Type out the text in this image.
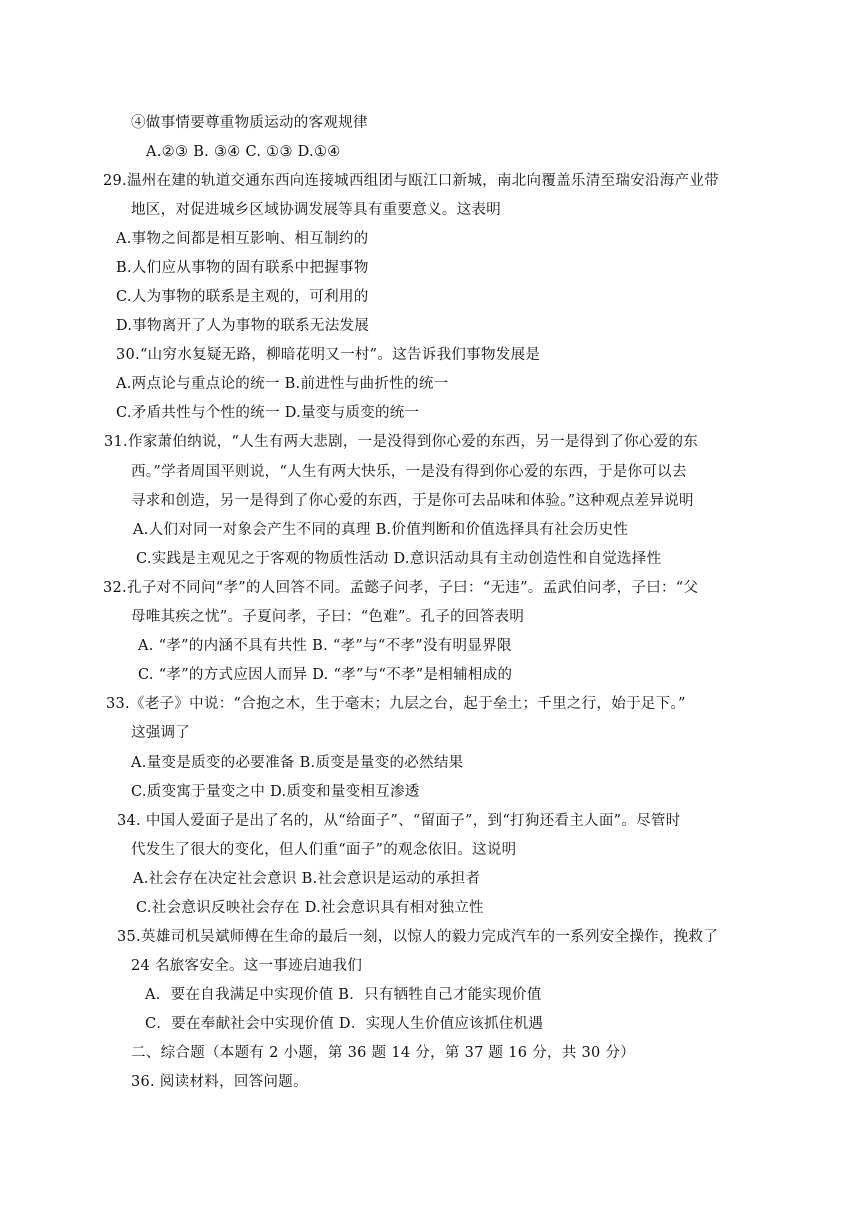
④做事情要尊重物质运动的客观规律
A.②③ B. ③④ C. ①③ D.①④
29.温州在建的轨道交通东西向连接城西组团与瓯江口新城，南北向覆盖乐清至瑞安沿海产业带
地区，对促进城乡区域协调发展等具有重要意义。这表明
A.事物之间都是相互影响、相互制约的
B.人们应从事物的固有联系中把握事物
C.人为事物的联系是主观的，可利用的
D.事物离开了人为事物的联系无法发展
30.“山穷水复疑无路，柳暗花明又一村”。这告诉我们事物发展是
A.两点论与重点论的统一 B.前进性与曲折性的统一
C.矛盾共性与个性的统一 D.量变与质变的统一
31.作家萧伯纳说，“人生有两大悲剧，一是没得到你心爱的东西，另一是得到了你心爱的东
西。”学者周国平则说，“人生有两大快乐，一是没有得到你心爱的东西，于是你可以去
寻求和创造，另一是得到了你心爱的东西，于是你可去品味和体验。”这种观点差异说明
A.人们对同一对象会产生不同的真理 B.价值判断和价值选择具有社会历史性
C.实践是主观见之于客观的物质性活动 D.意识活动具有主动创造性和自觉选择性
32.孔子对不同问“孝”的人回答不同。孟懿子问孝，子曰：“无违”。孟武伯问孝，子曰：“父
母唯其疾之忧”。子夏问孝，子曰：“色难”。孔子的回答表明
A. “孝”的内涵不具有共性 B. “孝”与“不孝”没有明显界限
C. “孝”的方式应因人而异 D. “孝”与“不孝”是相辅相成的
33.《老子》中说：“合抱之木，生于毫末；九层之台，起于垒土；千里之行，始于足下。”
这强调了
A.量变是质变的必要准备 B.质变是量变的必然结果
C.质变寓于量变之中 D.质变和量变相互渗透
34. 中国人爱面子是出了名的，从“给面子”、“留面子”，到“打狗还看主人面”。尽管时
代发生了很大的变化，但人们重“面子”的观念依旧。这说明
A.社会存在决定社会意识 B.社会意识是运动的承担者
C.社会意识反映社会存在 D.社会意识具有相对独立性
35.英雄司机吴斌师傅在生命的最后一刻，以惊人的毅力完成汽车的一系列安全操作，挽救了
24 名旅客安全。这一事迹启迪我们
A．要在自我满足中实现价值 B．只有牺牲自己才能实现价值
C．要在奉献社会中实现价值 D．实现人生价值应该抓住机遇
二、综合题（本题有 2 小题，第 36 题 14 分，第 37 题 16 分，共 30 分）
36. 阅读材料，回答问题。
